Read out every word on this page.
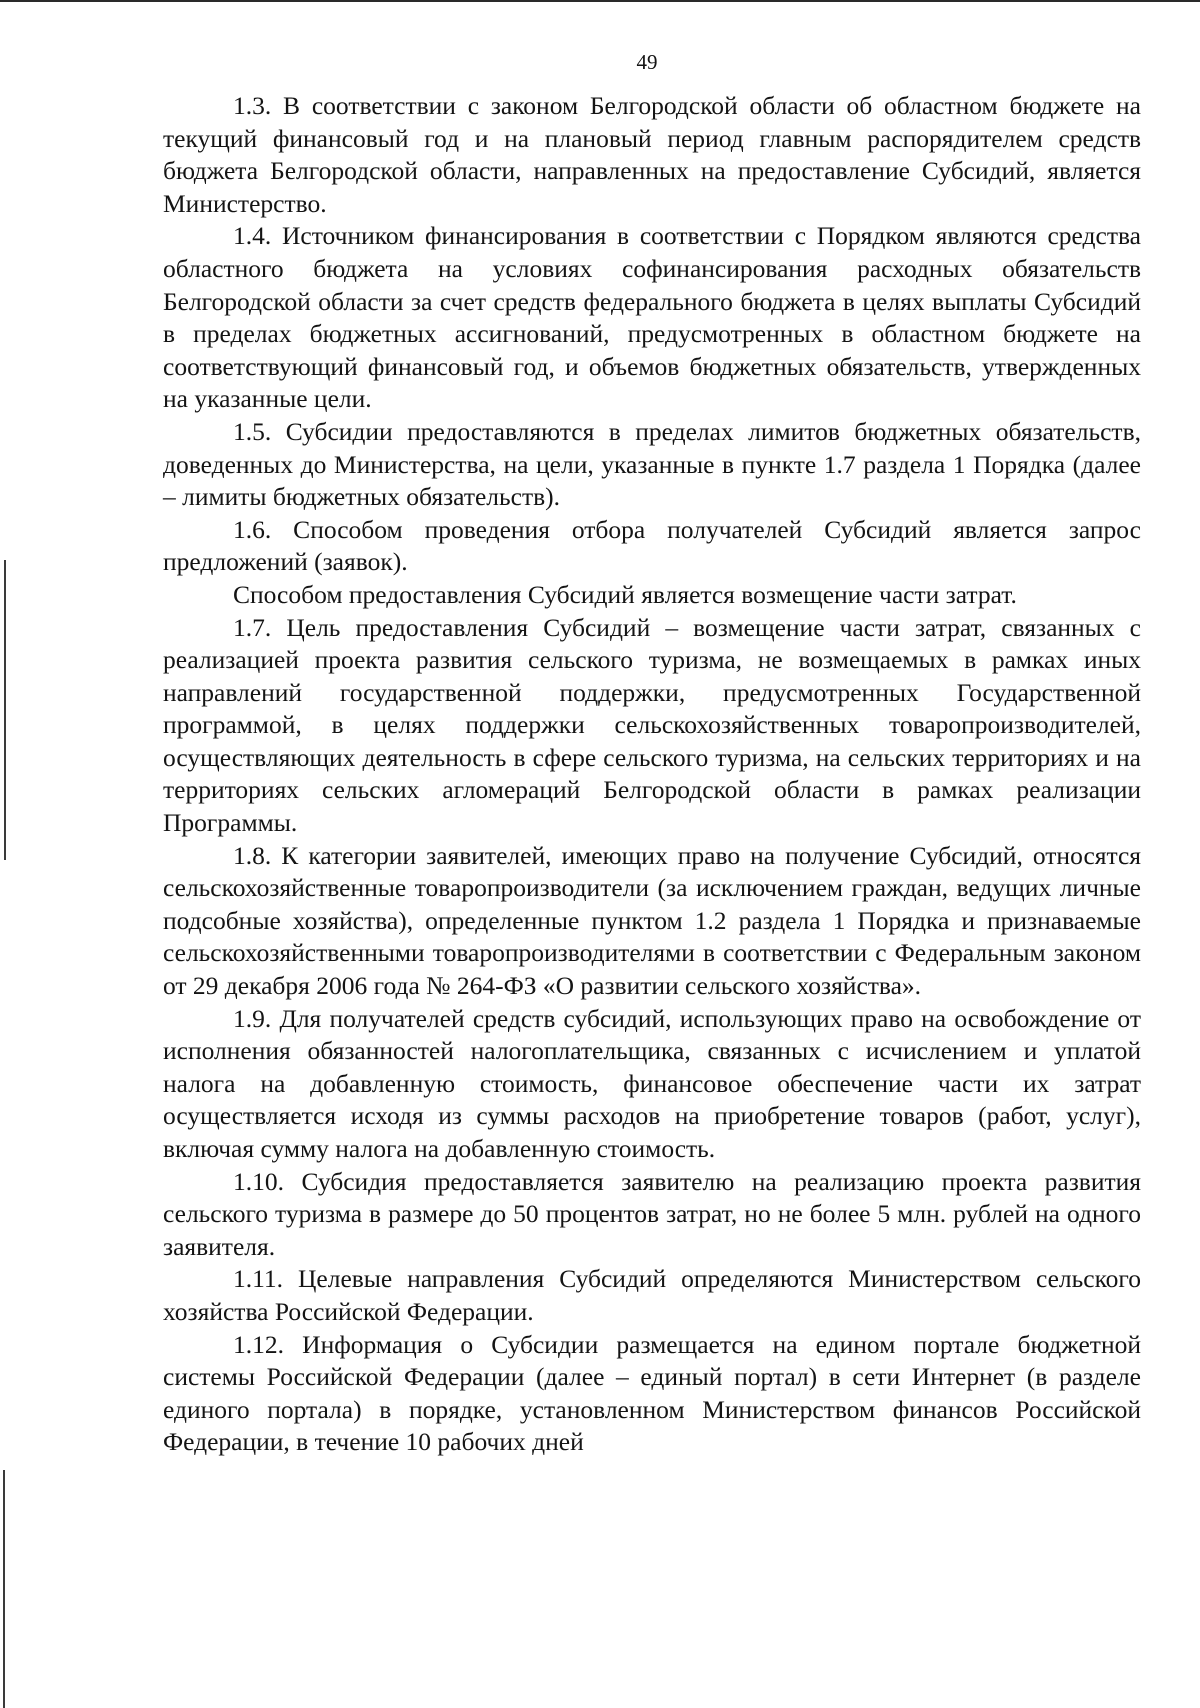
49

1.3. В соответствии с законом Белгородской области об областном бюджете на текущий финансовый год и на плановый период главным распорядителем средств бюджета Белгородской области, направленных на предоставление Субсидий, является Министерство.

1.4. Источником финансирования в соответствии с Порядком являются средства областного бюджета на условиях софинансирования расходных обязательств Белгородской области за счет средств федерального бюджета в целях выплаты Субсидий в пределах бюджетных ассигнований, предусмотренных в областном бюджете на соответствующий финансовый год, и объемов бюджетных обязательств, утвержденных на указанные цели.

1.5. Субсидии предоставляются в пределах лимитов бюджетных обязательств, доведенных до Министерства, на цели, указанные в пункте 1.7 раздела 1 Порядка (далее – лимиты бюджетных обязательств).

1.6. Способом проведения отбора получателей Субсидий является запрос предложений (заявок).

Способом предоставления Субсидий является возмещение части затрат.

1.7. Цель предоставления Субсидий – возмещение части затрат, связанных с реализацией проекта развития сельского туризма, не возмещаемых в рамках иных направлений государственной поддержки, предусмотренных Государственной программой, в целях поддержки сельскохозяйственных товаропроизводителей, осуществляющих деятельность в сфере сельского туризма, на сельских территориях и на территориях сельских агломераций Белгородской области в рамках реализации Программы.

1.8. К категории заявителей, имеющих право на получение Субсидий, относятся сельскохозяйственные товаропроизводители (за исключением граждан, ведущих личные подсобные хозяйства), определенные пунктом 1.2 раздела 1 Порядка и признаваемые сельскохозяйственными товаропроизводителями в соответствии с Федеральным законом от 29 декабря 2006 года № 264-ФЗ «О развитии сельского хозяйства».

1.9. Для получателей средств субсидий, использующих право на освобождение от исполнения обязанностей налогоплательщика, связанных с исчислением и уплатой налога на добавленную стоимость, финансовое обеспечение части их затрат осуществляется исходя из суммы расходов на приобретение товаров (работ, услуг), включая сумму налога на добавленную стоимость.

1.10. Субсидия предоставляется заявителю на реализацию проекта развития сельского туризма в размере до 50 процентов затрат, но не более 5 млн. рублей на одного заявителя.

1.11. Целевые направления Субсидий определяются Министерством сельского хозяйства Российской Федерации.

1.12. Информация о Субсидии размещается на едином портале бюджетной системы Российской Федерации (далее – единый портал) в сети Интернет (в разделе единого портала) в порядке, установленном Министерством финансов Российской Федерации, в течение 10 рабочих дней
